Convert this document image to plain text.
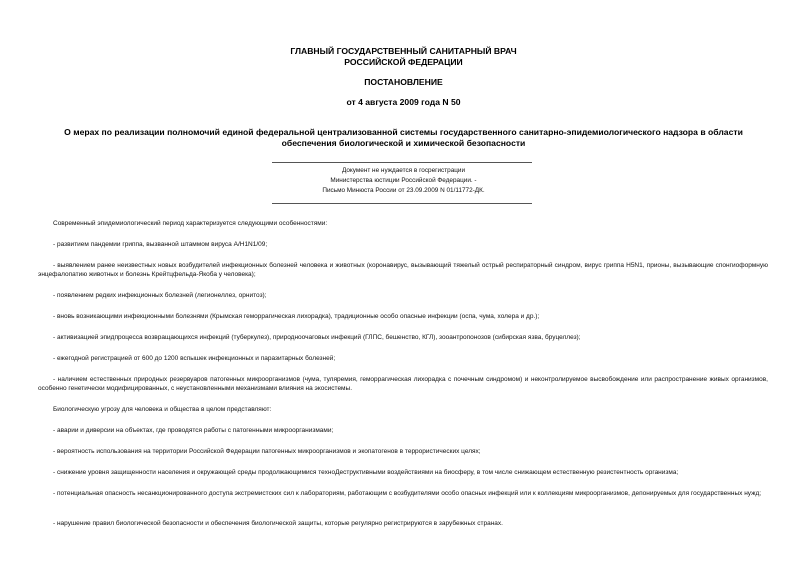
ГЛАВНЫЙ ГОСУДАРСТВЕННЫЙ САНИТАРНЫЙ ВРАЧ
РОССИЙСКОЙ ФЕДЕРАЦИИ
ПОСТАНОВЛЕНИЕ
от 4 августа 2009 года N 50
О мерах по реализации полномочий единой федеральной централизованной системы государственного санитарно-эпидемиологического надзора в области
обеспечения биологической и химической безопасности
Документ не нуждается в госрегистрации
Министерства юстиции Российской Федерации. -
Письмо Минюста России от 23.09.2009 N 01/11772-ДК.

Современный эпидемиологический период характеризуется следующими особенностями:

- развитием пандемии гриппа, вызванной штаммом вируса A/H1N1/09;

- выявлением ранее неизвестных новых возбудителей инфекционных болезней человека и животных (коронавирус, вызывающий тяжелый острый респираторный синдром, вирус гриппа H5N1, прионы, вызывающие спонгиоформную энцефалопатию животных и болезнь Крейтцфельда-Якоба у человека);

- появлением редких инфекционных болезней (легионеллез, орнитоз);

- вновь возникающими инфекционными болезнями (Крымская геморрагическая лихорадка), традиционные особо опасные инфекции (оспа, чума, холера и др.);

- активизацией эпидпроцесса возвращающихся инфекций (туберкулез), природноочаговых инфекций (ГЛПС, бешенство, КГЛ), зооантропонозов (сибирская язва, бруцеллез);

- ежегодной регистрацией от 600 до 1200 вспышек инфекционных и паразитарных болезней;

- наличием естественных природных резервуаров патогенных микроорганизмов (чума, туляремия, геморрагическая лихорадка с почечным синдромом) и неконтролируемое высвобождение или распространение живых организмов, особенно генетически модифицированных, с неустановленными механизмами влияния на экосистемы.

Биологическую угрозу для человека и общества в целом представляют:

- аварии и диверсии на объектах, где проводятся работы с патогенными микроорганизмами;

- вероятность использования на территории Российской Федерации патогенных микроорганизмов и экопатогенов в террористических целях;

- снижение уровня защищенности населения и окружающей среды продолжающимися техноДеструктивными воздействиями на биосферу, в том числе снижающем естественную резистентность организма;

- потенциальная опасность несанкционированного доступа экстремистских сил к лабораториям, работающим с возбудителями особо опасных инфекций или к коллекциям микроорганизмов, депонируемых для государственных нужд;

- нарушение правил биологической безопасности и обеспечения биологической защиты, которые регулярно регистрируются в зарубежных странах.
